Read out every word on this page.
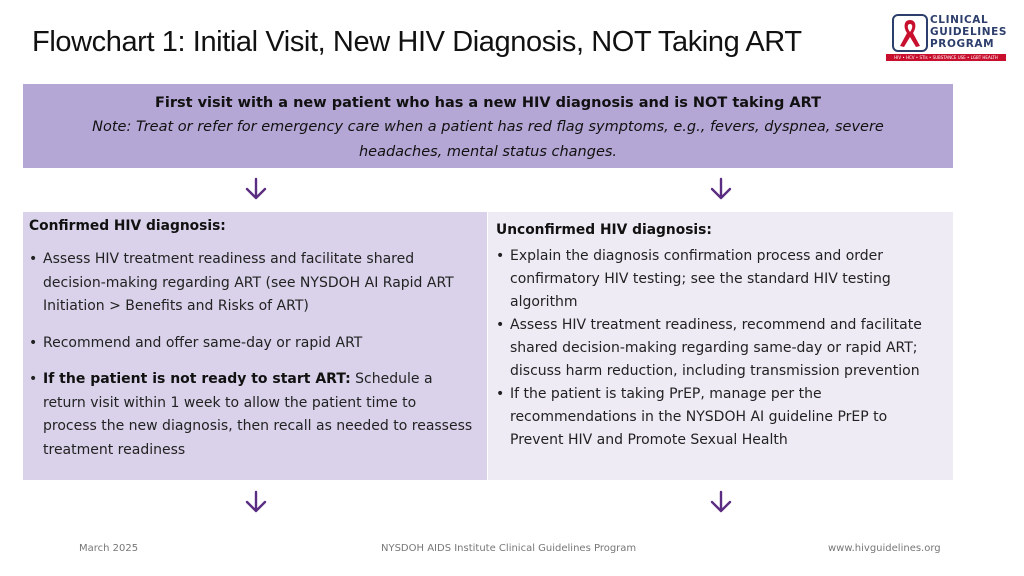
Flowchart 1: Initial Visit, New HIV Diagnosis, NOT Taking ART
CLINICAL
GUIDELINES
PROGRAM
HIV • HCV • STIs • SUBSTANCE USE • LGBT HEALTH
First visit with a new patient who has a new HIV diagnosis and is NOT taking ART
Note: Treat or refer for emergency care when a patient has red flag symptoms, e.g., fevers, dyspnea, severe headaches, mental status changes.
Confirmed HIV diagnosis:
• Assess HIV treatment readiness and facilitate shared decision-making regarding ART (see NYSDOH AI Rapid ART Initiation > Benefits and Risks of ART)
• Recommend and offer same-day or rapid ART
• If the patient is not ready to start ART: Schedule a return visit within 1 week to allow the patient time to process the new diagnosis, then recall as needed to reassess treatment readiness
Unconfirmed HIV diagnosis:
• Explain the diagnosis confirmation process and order confirmatory HIV testing; see the standard HIV testing algorithm
• Assess HIV treatment readiness, recommend and facilitate shared decision-making regarding same-day or rapid ART; discuss harm reduction, including transmission prevention
• If the patient is taking PrEP, manage per the recommendations in the NYSDOH AI guideline PrEP to Prevent HIV and Promote Sexual Health
March 2025	NYSDOH AIDS Institute Clinical Guidelines Program	www.hivguidelines.org
